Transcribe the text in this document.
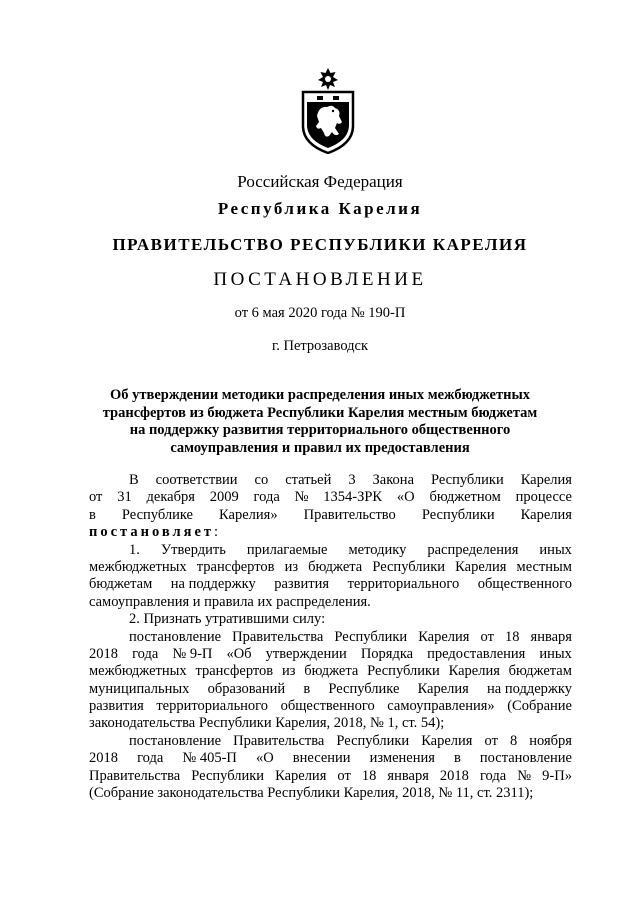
Российская Федерация
Республика Карелия
ПРАВИТЕЛЬСТВО РЕСПУБЛИКИ КАРЕЛИЯ
ПОСТАНОВЛЕНИЕ
от 6 мая 2020 года № 190-П
г. Петрозаводск
Об утверждении методики распределения иных межбюджетных
трансфертов из бюджета Республики Карелия местным бюджетам
на поддержку развития территориального общественного
самоуправления и правил их предоставления
В соответствии со статьей 3 Закона Республики Карелия
от 31 декабря 2009 года № 1354-ЗРК «О бюджетном процессе
в Республике Карелия» Правительство Республики Карелия
постановляет :
1. Утвердить прилагаемые методику распределения иных
межбюджетных трансфертов из бюджета Республики Карелия местным
бюджетам на поддержку развития территориального общественного
самоуправления и правила их распределения.
2. Признать утратившими силу:
постановление Правительства Республики Карелия от 18 января
2018 года № 9-П «Об утверждении Порядка предоставления иных
межбюджетных трансфертов из бюджета Республики Карелия бюджетам
муниципальных образований в Республике Карелия на поддержку
развития территориального общественного самоуправления» (Собрание
законодательства Республики Карелия, 2018, № 1, ст. 54);
постановление Правительства Республики Карелия от 8 ноября
2018 года № 405-П «О внесении изменения в постановление
Правительства Республики Карелия от 18 января 2018 года № 9-П»
(Собрание законодательства Республики Карелия, 2018, № 11, ст. 2311);
